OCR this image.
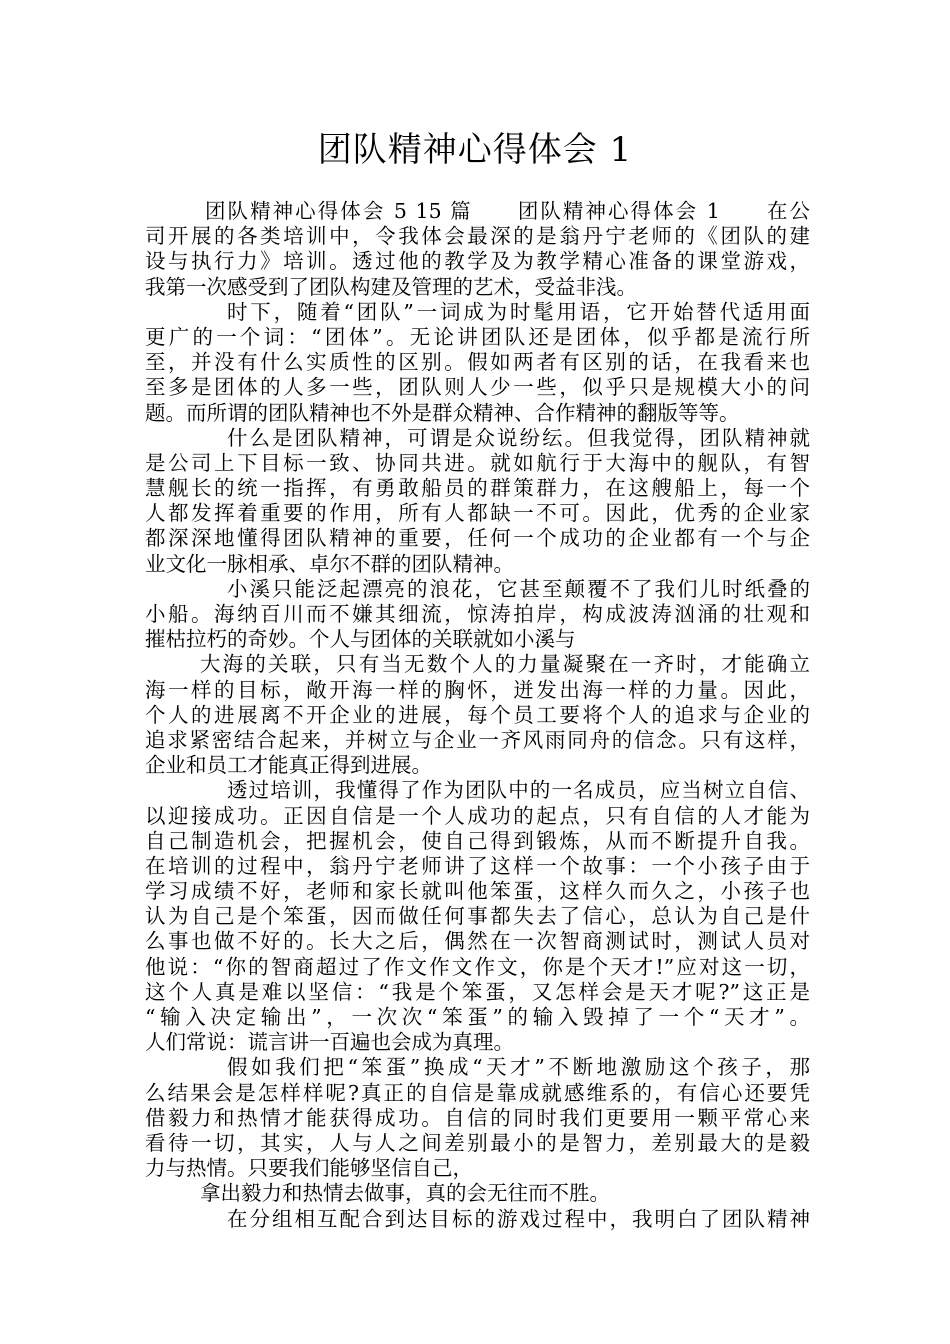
团队精神心得体会 1
团队精神心得体会 5 15 篇　　团队精神心得体会 1　　在公
司开展的各类培训中，令我体会最深的是翁丹宁老师的《团队的建
设与执行力》培训。透过他的教学及为教学精心准备的课堂游戏，
我第一次感受到了团队构建及管理的艺术，受益非浅。
时下，随着“团队”一词成为时髦用语，它开始替代适用面
更广的一个词：“团体”。无论讲团队还是团体，似乎都是流行所
至，并没有什么实质性的区别。假如两者有区别的话，在我看来也
至多是团体的人多一些，团队则人少一些，似乎只是规模大小的问
题。而所谓的团队精神也不外是群众精神、合作精神的翻版等等。
什么是团队精神，可谓是众说纷纭。但我觉得，团队精神就
是公司上下目标一致、协同共进。就如航行于大海中的舰队，有智
慧舰长的统一指挥，有勇敢船员的群策群力，在这艘船上，每一个
人都发挥着重要的作用，所有人都缺一不可。因此，优秀的企业家
都深深地懂得团队精神的重要，任何一个成功的企业都有一个与企
业文化一脉相承、卓尔不群的团队精神。
小溪只能泛起漂亮的浪花，它甚至颠覆不了我们儿时纸叠的
小船。海纳百川而不嫌其细流，惊涛拍岸，构成波涛汹涌的壮观和
摧枯拉朽的奇妙。个人与团体的关联就如小溪与
大海的关联，只有当无数个人的力量凝聚在一齐时，才能确立
海一样的目标，敞开海一样的胸怀，迸发出海一样的力量。因此，
个人的进展离不开企业的进展，每个员工要将个人的追求与企业的
追求紧密结合起来，并树立与企业一齐风雨同舟的信念。只有这样，
企业和员工才能真正得到进展。
透过培训，我懂得了作为团队中的一名成员，应当树立自信、
以迎接成功。正因自信是一个人成功的起点，只有自信的人才能为
自己制造机会，把握机会，使自己得到锻炼，从而不断提升自我。
在培训的过程中，翁丹宁老师讲了这样一个故事：一个小孩子由于
学习成绩不好，老师和家长就叫他笨蛋，这样久而久之，小孩子也
认为自己是个笨蛋，因而做任何事都失去了信心，总认为自己是什
么事也做不好的。长大之后，偶然在一次智商测试时，测试人员对
他说：“你的智商超过了作文作文作文，你是个天才!”应对这一切，
这个人真是难以坚信：“我是个笨蛋，又怎样会是天才呢?”这正是
“输入决定输出”，一次次“笨蛋”的输入毁掉了一个“天才”。
人们常说：谎言讲一百遍也会成为真理。
假如我们把“笨蛋”换成“天才”不断地激励这个孩子，那
么结果会是怎样样呢?真正的自信是靠成就感维系的，有信心还要凭
借毅力和热情才能获得成功。自信的同时我们更要用一颗平常心来
看待一切，其实，人与人之间差别最小的是智力，差别最大的是毅
力与热情。只要我们能够坚信自己，
拿出毅力和热情去做事，真的会无往而不胜。
在分组相互配合到达目标的游戏过程中，我明白了团队精神
